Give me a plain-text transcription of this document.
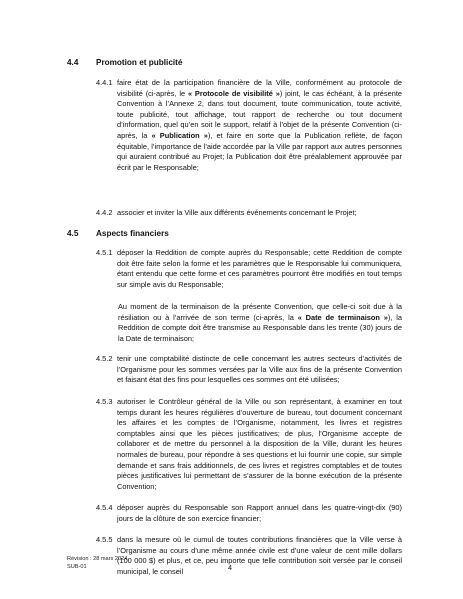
4.4 Promotion et publicité
4.4.1 faire état de la participation financière de la Ville, conformément au protocole de visibilité (ci-après, le « Protocole de visibilité ») joint, le cas échéant, à la présente Convention à l’Annexe 2, dans tout document, toute communication, toute activité, toute publicité, tout affichage, tout rapport de recherche ou tout document d’information, quel qu’en soit le support, relatif à l’objet de la présente Convention (ci-après, la « Publication »), et faire en sorte que la Publication reflète, de façon équitable, l’importance de l’aide accordée par la Ville par rapport aux autres personnes qui auraient contribué au Projet; la Publication doit être préalablement approuvée par écrit par le Responsable;
4.4.2 associer et inviter la Ville aux différents événements concernant le Projet;
4.5 Aspects financiers
4.5.1 déposer la Reddition de compte auprès du Responsable; cette Reddition de compte doit être faite selon la forme et les paramètres que le Responsable lui communiquera, étant entendu que cette forme et ces paramètres pourront être modifiés en tout temps sur simple avis du Responsable;
Au moment de la terminaison de la présente Convention, que celle-ci soit due à la résiliation ou à l’arrivée de son terme (ci-après, la « Date de terminaison »), la Reddition de compte doit être transmise au Responsable dans les trente (30) jours de la Date de terminaison;
4.5.2 tenir une comptabilité distincte de celle concernant les autres secteurs d’activités de l’Organisme pour les sommes versées par la Ville aux fins de la présente Convention et faisant état des fins pour lesquelles ces sommes ont été utilisées;
4.5.3 autoriser le Contrôleur général de la Ville ou son représentant, à examiner en tout temps durant les heures régulières d’ouverture de bureau, tout document concernant les affaires et les comptes de l’Organisme, notamment, les livres et registres comptables ainsi que les pièces justificatives; de plus, l’Organisme accepte de collaborer et de mettre du personnel à la disposition de la Ville, durant les heures normales de bureau, pour répondre à ses questions et lui fournir une copie, sur simple demande et sans frais additionnels, de ces livres et registres comptables et de toutes pièces justificatives lui permettant de s’assurer de la bonne exécution de la présente Convention;
4.5.4 déposer auprès du Responsable son Rapport annuel dans les quatre-vingt-dix (90) jours de la clôture de son exercice financier;
4.5.5 dans la mesure où le cumul de toutes contributions financières que la Ville verse à l’Organisme au cours d’une même année civile est d’une valeur de cent mille dollars (100 000 $) et plus, et ce, peu importe que telle contribution soit versée par le conseil municipal, le conseil
Révision : 28 mars 2024
SUB-01	4
